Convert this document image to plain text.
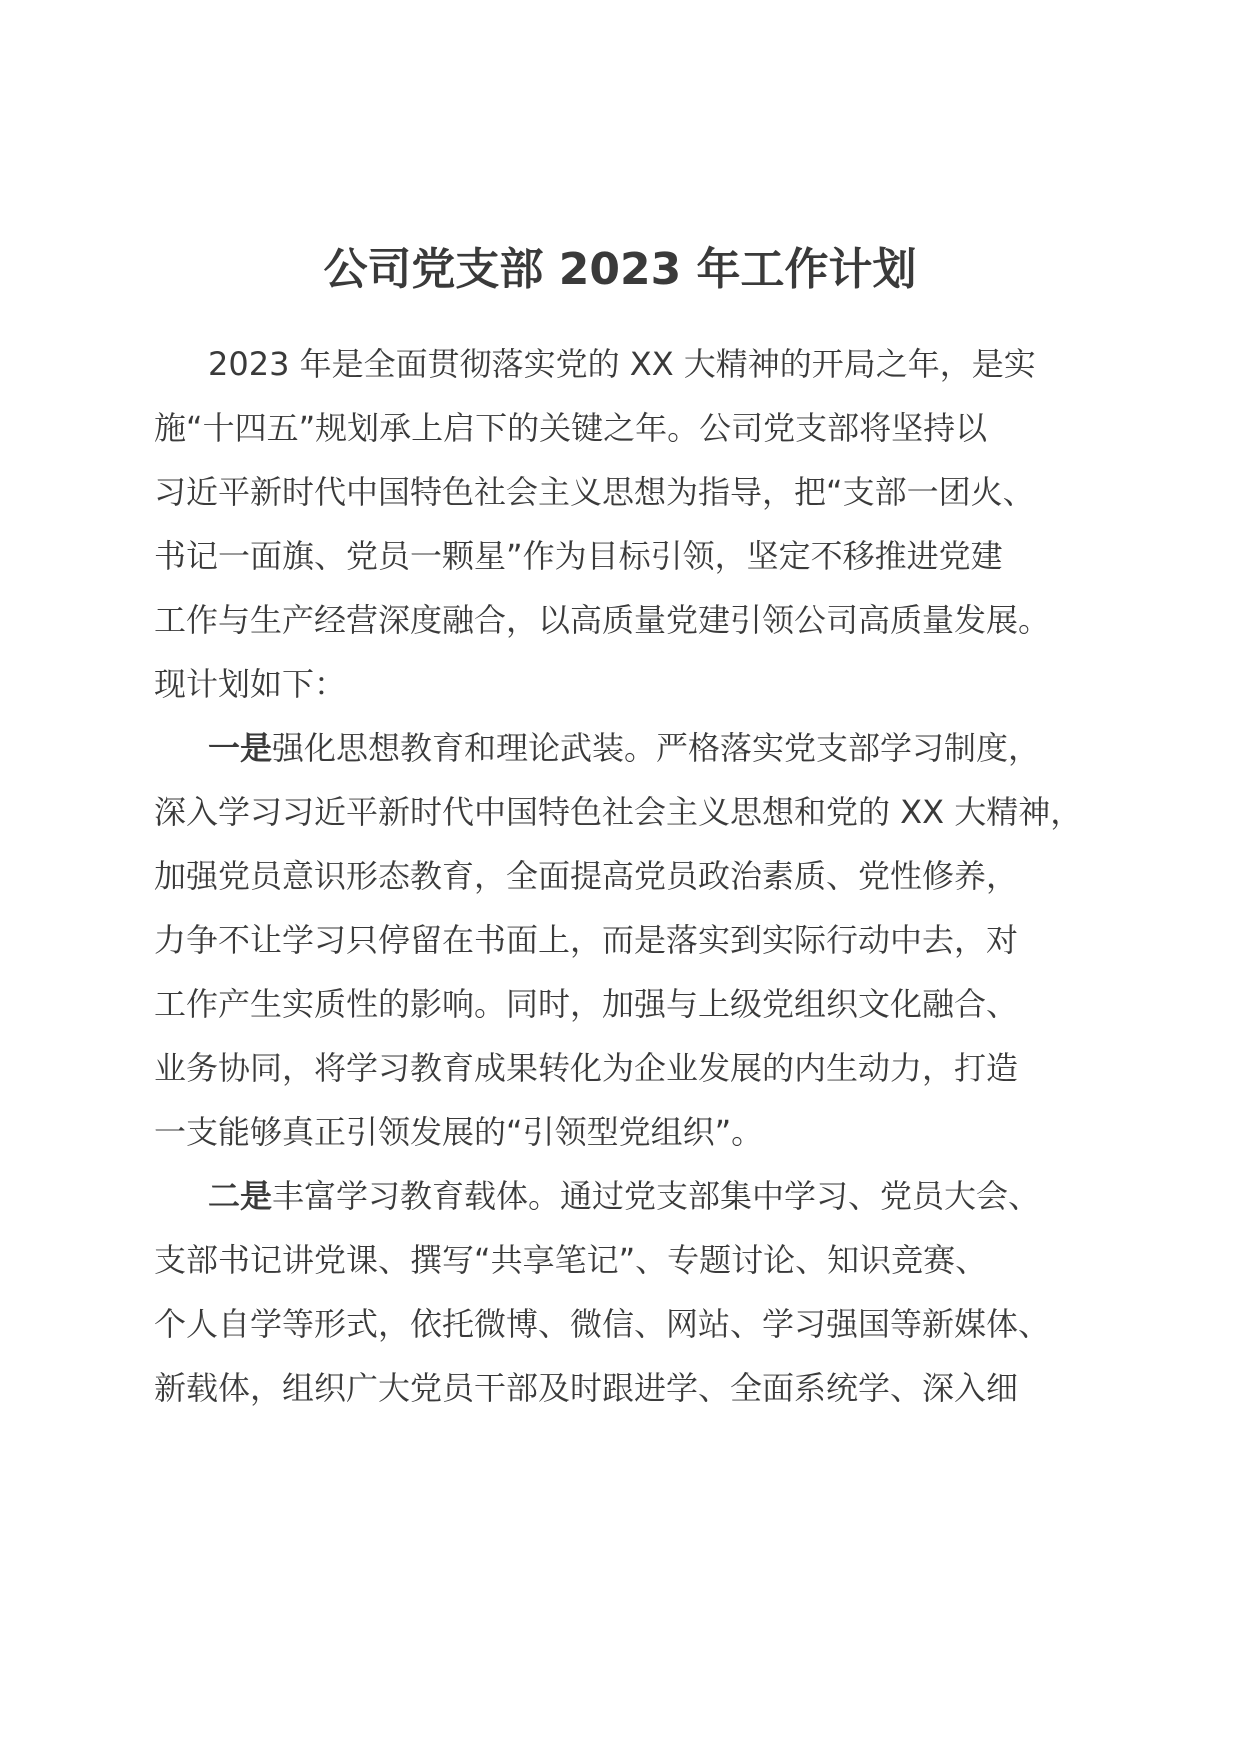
公司党支部 2023 年工作计划
2023 年是全面贯彻落实党的 XX 大精神的开局之年，是实
施“十四五”规划承上启下的关键之年。公司党支部将坚持以
习近平新时代中国特色社会主义思想为指导，把“支部一团火、
书记一面旗、党员一颗星”作为目标引领，坚定不移推进党建
工作与生产经营深度融合，以高质量党建引领公司高质量发展。
现计划如下：
一是强化思想教育和理论武装。严格落实党支部学习制度，
深入学习习近平新时代中国特色社会主义思想和党的 XX 大精神，
加强党员意识形态教育，全面提高党员政治素质、党性修养，
力争不让学习只停留在书面上，而是落实到实际行动中去，对
工作产生实质性的影响。同时，加强与上级党组织文化融合、
业务协同，将学习教育成果转化为企业发展的内生动力，打造
一支能够真正引领发展的“引领型党组织”。
二是丰富学习教育载体。通过党支部集中学习、党员大会、
支部书记讲党课、撰写“共享笔记”、专题讨论、知识竞赛、
个人自学等形式，依托微博、微信、网站、学习强国等新媒体、
新载体，组织广大党员干部及时跟进学、全面系统学、深入细
